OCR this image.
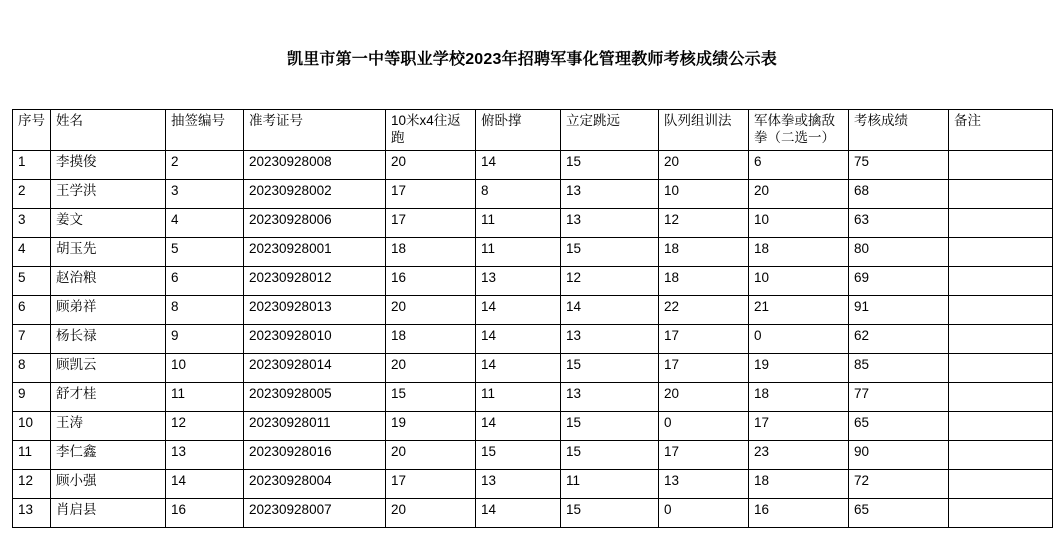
凯里市第一中等职业学校2023年招聘军事化管理教师考核成绩公示表
序号	姓名	抽签编号	准考证号	10米x4往返跑	俯卧撑	立定跳远	队列组训法	军体拳或擒敌拳（二选一）	考核成绩	备注
1	李摸俊	2	20230928008	20	14	15	20	6	75	
2	王学洪	3	20230928002	17	8	13	10	20	68	
3	姜文	4	20230928006	17	11	13	12	10	63	
4	胡玉先	5	20230928001	18	11	15	18	18	80	
5	赵治粮	6	20230928012	16	13	12	18	10	69	
6	顾弟祥	8	20230928013	20	14	14	22	21	91	
7	杨长禄	9	20230928010	18	14	13	17	0	62	
8	顾凯云	10	20230928014	20	14	15	17	19	85	
9	舒才桂	11	20230928005	15	11	13	20	18	77	
10	王涛	12	20230928011	19	14	15	0	17	65	
11	李仁鑫	13	20230928016	20	15	15	17	23	90	
12	顾小强	14	20230928004	17	13	11	13	18	72	
13	肖启县	16	20230928007	20	14	15	0	16	65	
